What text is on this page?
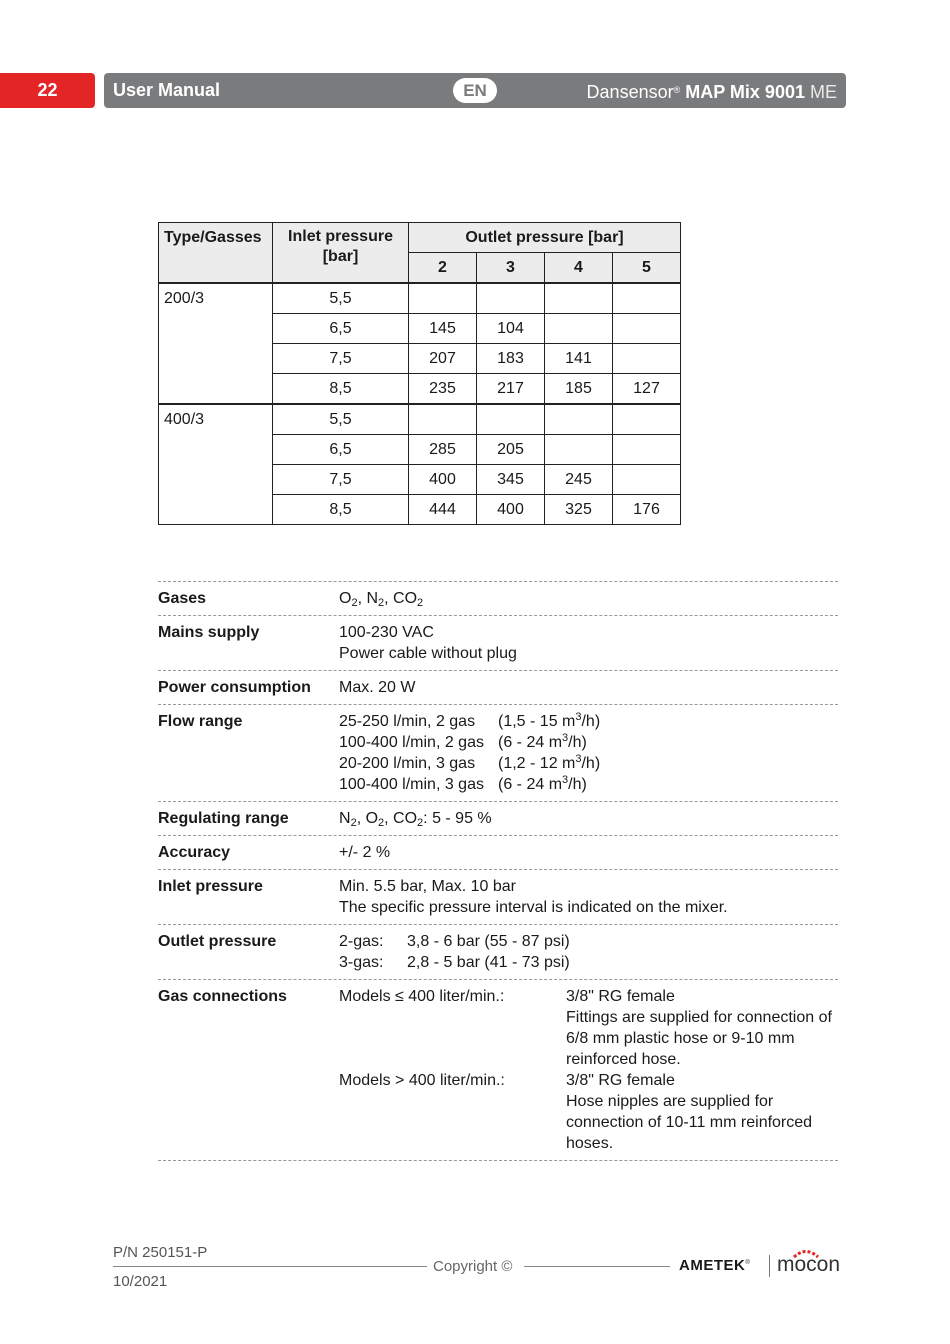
22	User Manual	EN	Dansensor® MAP Mix 9001 ME
Type/Gasses	Inlet pressure [bar]	Outlet pressure [bar]			
		2	3	4	5
200/3	5,5				
	6,5	145	104		
	7,5	207	183	141	
	8,5	235	217	185	127
400/3	5,5				
	6,5	285	205		
	7,5	400	345	245	
	8,5	444	400	325	176
Gases	$O_2$, $N_2$, $CO_2$
Mains supply	100-230 VAC
Power cable without plug
Power consumption	Max. 20 W
Flow range	25-250 l/min, 2 gas	(1,5 - 15 $m^3/h$)
100-400 l/min, 2 gas (6 - 24 $m^3/h$)
20-200 l/min, 3 gas	(1,2 - 12 $m^3/h$)
100-400 l/min, 3 gas (6 - 24 $m^3/h$)
Regulating range	$N_2$, $O_2$, $CO_2$: 5 - 95 %
Accuracy	+/- 2 %
Inlet pressure	Min. 5.5 bar, Max. 10 bar
The specific pressure interval is indicated on the mixer.
Outlet pressure	2-gas:	3,8 - 6 bar (55 - 87 psi)
3-gas:	2,8 - 5 bar (41 - 73 psi)
Gas connections	Models ≤ 400 liter/min.:	3/8" RG female
Fittings are supplied for connection of 6/8 mm plastic hose or 9-10 mm reinforced hose.
Models > 400 liter/min.:	3/8" RG female
Hose nipples are supplied for connection of 10-11 mm reinforced hoses.
P/N 250151-P
10/2021
Copyright ©	AMETEK® mocon
